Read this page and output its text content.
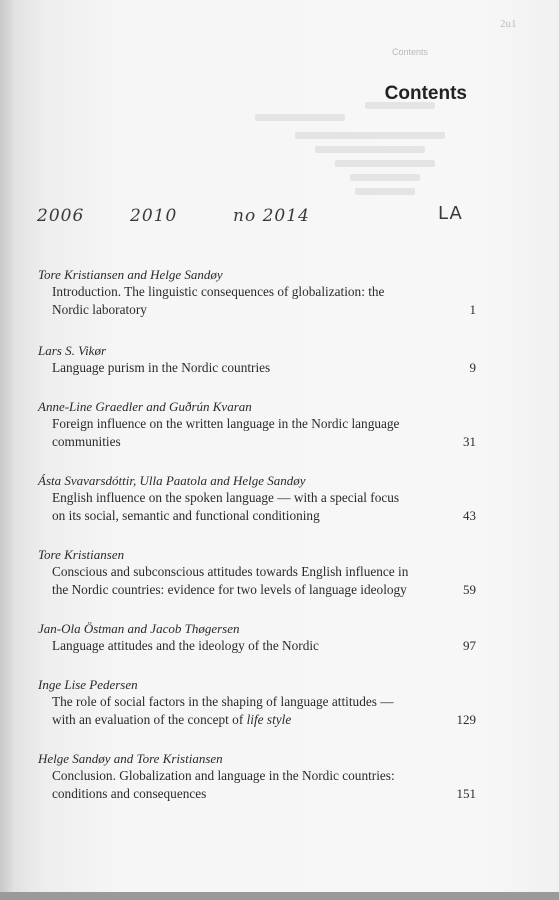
2u1
Contents
Contents
2006	2010	no 2014	LA
Tore Kristiansen and Helge Sandøy
Introduction. The linguistic consequences of globalization: the Nordic laboratory	1
Lars S. Vikør
Language purism in the Nordic countries	9
Anne-Line Graedler and Guðrún Kvaran
Foreign influence on the written language in the Nordic language communities	31
Ásta Svavarsdóttir, Ulla Paatola and Helge Sandøy
English influence on the spoken language — with a special focus on its social, semantic and functional conditioning	43
Tore Kristiansen
Conscious and subconscious attitudes towards English influence in the Nordic countries: evidence for two levels of language ideology	59
Jan-Ola Östman and Jacob Thøgersen
Language attitudes and the ideology of the Nordic	97
Inge Lise Pedersen
The role of social factors in the shaping of language attitudes — with an evaluation of the concept of life style	129
Helge Sandøy and Tore Kristiansen
Conclusion. Globalization and language in the Nordic countries: conditions and consequences	151
